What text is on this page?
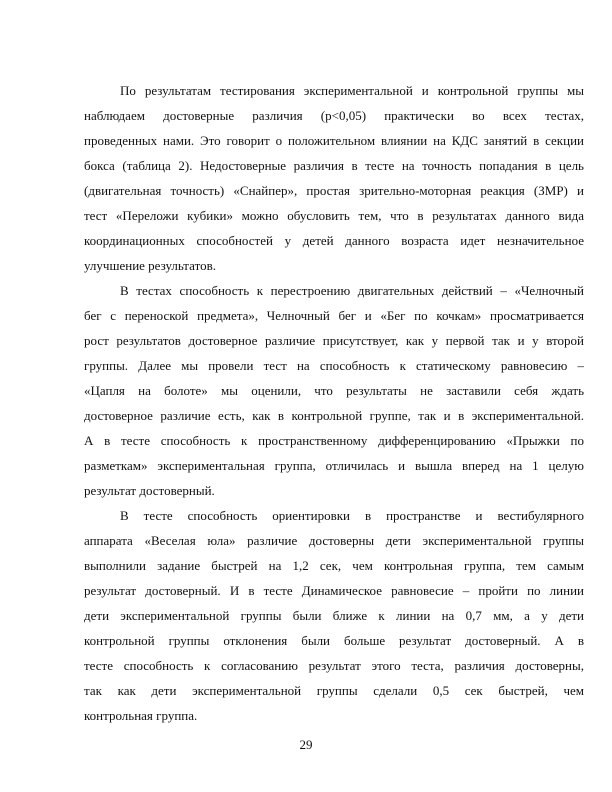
По результатам тестирования экспериментальной и контрольной группы мы
наблюдаем достоверные различия (р<0,05) практически во всех тестах,
проведенных нами. Это говорит о положительном влиянии на КДС занятий в секции
бокса (таблица 2). Недостоверные различия в тесте на точность попадания в цель
(двигательная точность) «Снайпер», простая зрительно-моторная реакция (ЗМР) и
тест «Переложи кубики» можно обусловить тем, что в результатах данного вида
координационных способностей у детей данного возраста идет незначительное
улучшение результатов.
В тестах способность к перестроению двигательных действий – «Челночный
бег с переноской предмета», Челночный бег и «Бег по кочкам» просматривается
рост результатов достоверное различие присутствует, как у первой так и у второй
группы. Далее мы провели тест на способность к статическому равновесию –
«Цапля на болоте» мы оценили, что результаты не заставили себя ждать
достоверное различие есть, как в контрольной группе, так и в экспериментальной.
А в тесте способность к пространственному дифференцированию «Прыжки по
разметкам» экспериментальная группа, отличилась и вышла вперед на 1 целую
результат достоверный.
В тесте способность ориентировки в пространстве и вестибулярного
аппарата «Веселая юла» различие достоверны дети экспериментальной группы
выполнили задание быстрей на 1,2 сек, чем контрольная группа, тем самым
результат достоверный. И в тесте Динамическое равновесие – пройти по линии
дети экспериментальной группы были ближе к линии на 0,7 мм, а у дети
контрольной группы отклонения были больше результат достоверный. А в
тесте способность к согласованию результат этого теста, различия достоверны,
так как дети экспериментальной группы сделали 0,5 сек быстрей, чем
контрольная группа.
29
